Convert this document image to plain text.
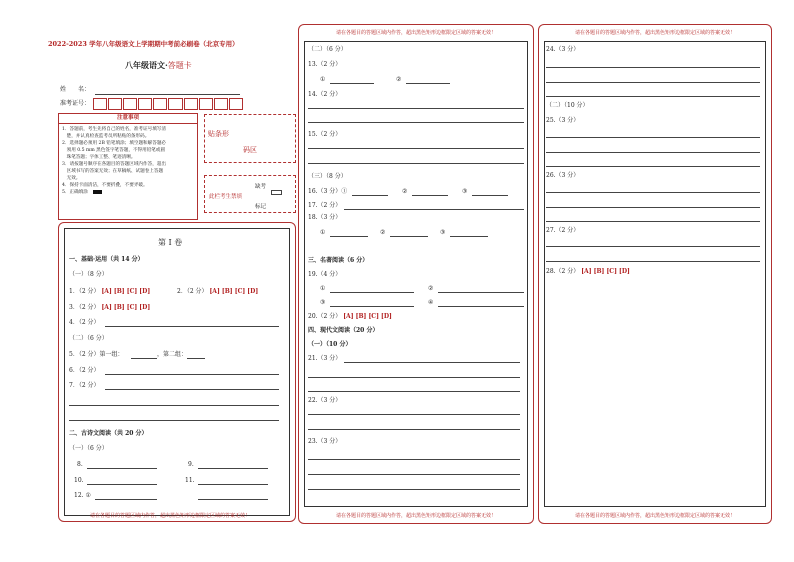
2022-2023 学年八年级语文上学期期中考前必刷卷（北京专用）
八年级语文·答题卡
姓　　名：
准考证号：
注意事项
1．答题前，考生先将自己的姓名，准考证号填写清
　楚，并认真检查监考员所粘贴的条形码。
2．选择题必须用 2B 铅笔填涂；填空题和解答题必
　须用 0.5 mm 黑色签字笔答题，不得用铅笔或圆
　珠笔答题；字体工整、笔迹清晰。
3．请按题号顺序在各题目的答题区域内作答，超出
　区域书写的答案无效；在草稿纸、试题卷上答题
　无效。
4．保持卡面清洁，不要折叠，不要弄破。
5．正确填涂
贴条形
码区
此栏考生禁填
缺考
标记
第 I 卷
一、基础·运用（共 14 分）
（一）（8 分）
1．（2 分） [A] [B] [C] [D]	2．（2 分） [A] [B] [C] [D]
3．（2 分） [A] [B] [C] [D]
4．（2 分）
（二）（6 分）
5．（2 分）第一组：	，第二组：
6．（2 分）
7．（2 分）
二、古诗文阅读（共 20 分）
（一）（6 分）
8.	9.
10.	11.
12. ①
请在各题目的答题区域内作答，超出黑色矩形边框限定区域的答案无效！
请在各题目的答题区域内作答，超出黑色矩形边框限定区域的答案无效！
请在各题目的答题区域内作答，超出黑色矩形边框限定区域的答案无效！
（二）（6 分）
13.（2 分）
①	②
14.（2 分）
15.（2 分）
（三）（8 分）
16.（3 分）①	②	③
17.（2 分）
18.（3 分）
①	②	③
三、名著阅读（6 分）
19.（4 分）
①	②
③	④
20.（2 分） [A] [B] [C] [D]
四、现代文阅读（20 分）
（一）（10 分）
21.（3 分）
22.（3 分）
23.（3 分）
请在各题目的答题区域内作答，超出黑色矩形边框限定区域的答案无效！
请在各题目的答题区域内作答，超出黑色矩形边框限定区域的答案无效！
24.（3 分）
（二）（10 分）
25.（3 分）
26.（3 分）
27.（2 分）
28.（2 分） [A] [B] [C] [D]
